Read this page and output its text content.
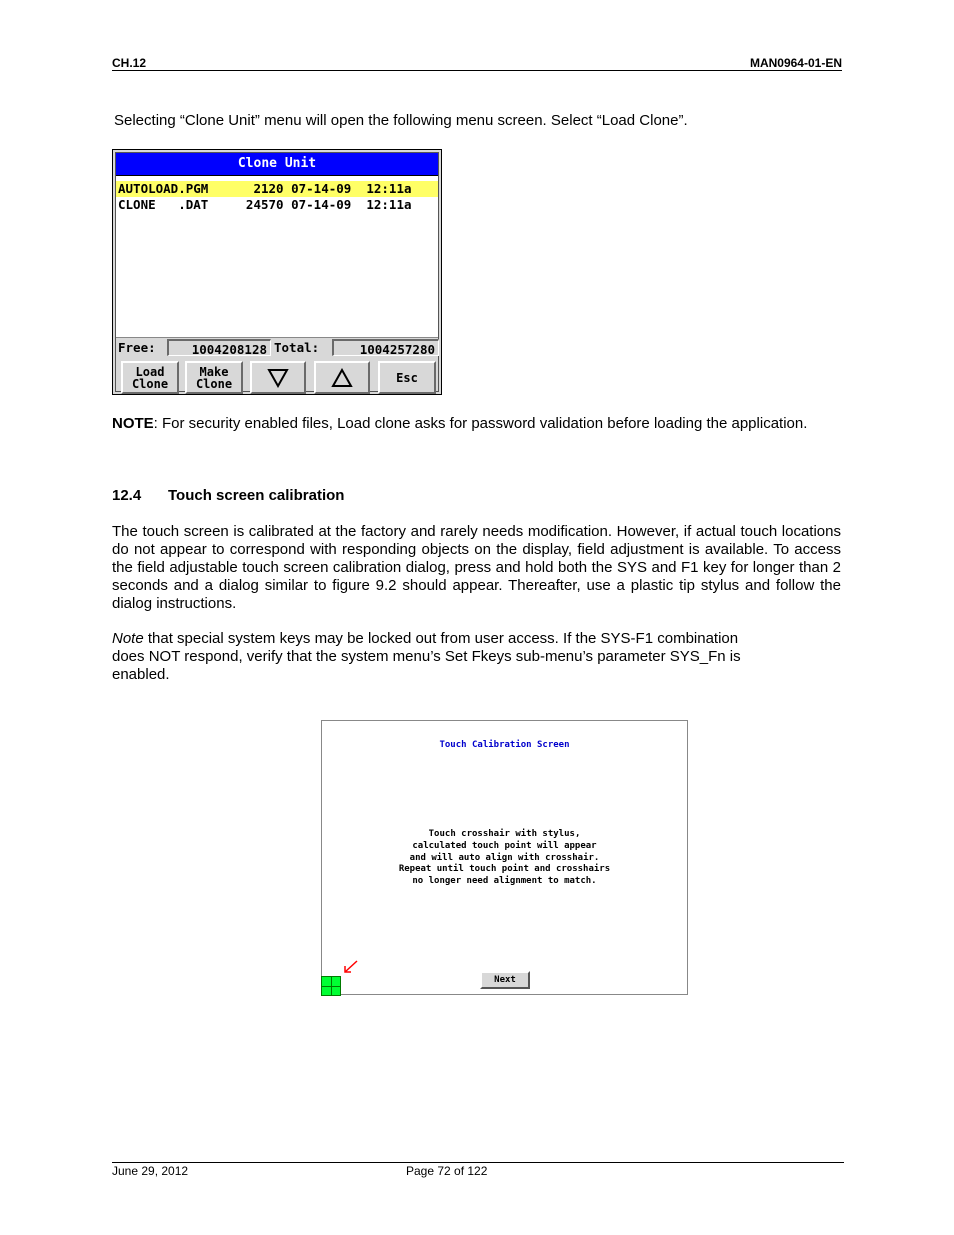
CH.12	MAN0964-01-EN
Selecting “Clone Unit” menu will open the following menu screen. Select “Load Clone”.
Clone Unit
AUTOLOAD.PGM      2120 07-14-09  12:11a
CLONE   .DAT     24570 07-14-09  12:11a
Free:	1004208128 Total:	1004257280
Load
Clone
Make
Clone	Esc
NOTE: For security enabled files, Load clone asks for password validation before loading the application.
12.4 Touch screen calibration
The touch screen is calibrated at the factory and rarely needs modification. However, if actual touch locations do not appear to correspond with responding objects on the display, field adjustment is available. To access the field adjustable touch screen calibration dialog, press and hold both the SYS and F1 key for longer than 2 seconds and a dialog similar to figure 9.2 should appear. Thereafter, use a plastic tip stylus and follow the dialog instructions.
Note that special system keys may be locked out from user access. If the SYS-F1 combination
does NOT respond, verify that the system menu’s Set Fkeys sub-menu’s parameter SYS_Fn is
enabled.
Touch Calibration Screen
Touch crosshair with stylus,
calculated touch point will appear
and will auto align with crosshair.
Repeat until touch point and crosshairs
no longer need alignment to match.
Next
June 29, 2012	Page 72 of 122
